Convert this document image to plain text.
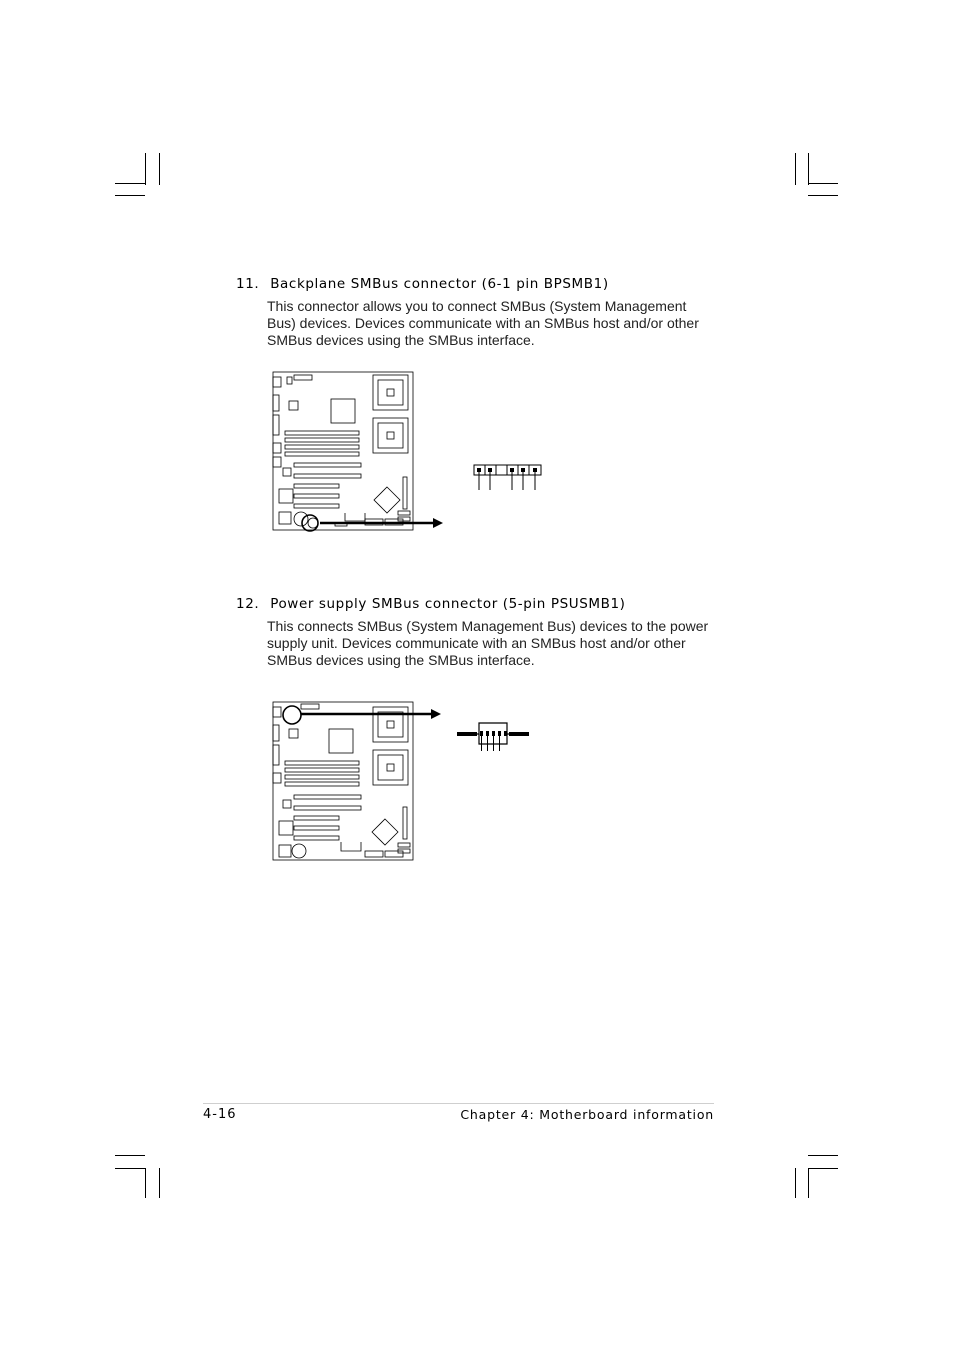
11. Backplane SMBus connector (6-1 pin BPSMB1)

This connector allows you to connect SMBus (System Management Bus) devices. Devices communicate with an SMBus host and/or other SMBus devices using the SMBus interface.

12. Power supply SMBus connector (5-pin PSUSMB1)

This connects SMBus (System Management Bus) devices to the power supply unit. Devices communicate with an SMBus host and/or other SMBus devices using the SMBus interface.

4-16	Chapter 4: Motherboard information
